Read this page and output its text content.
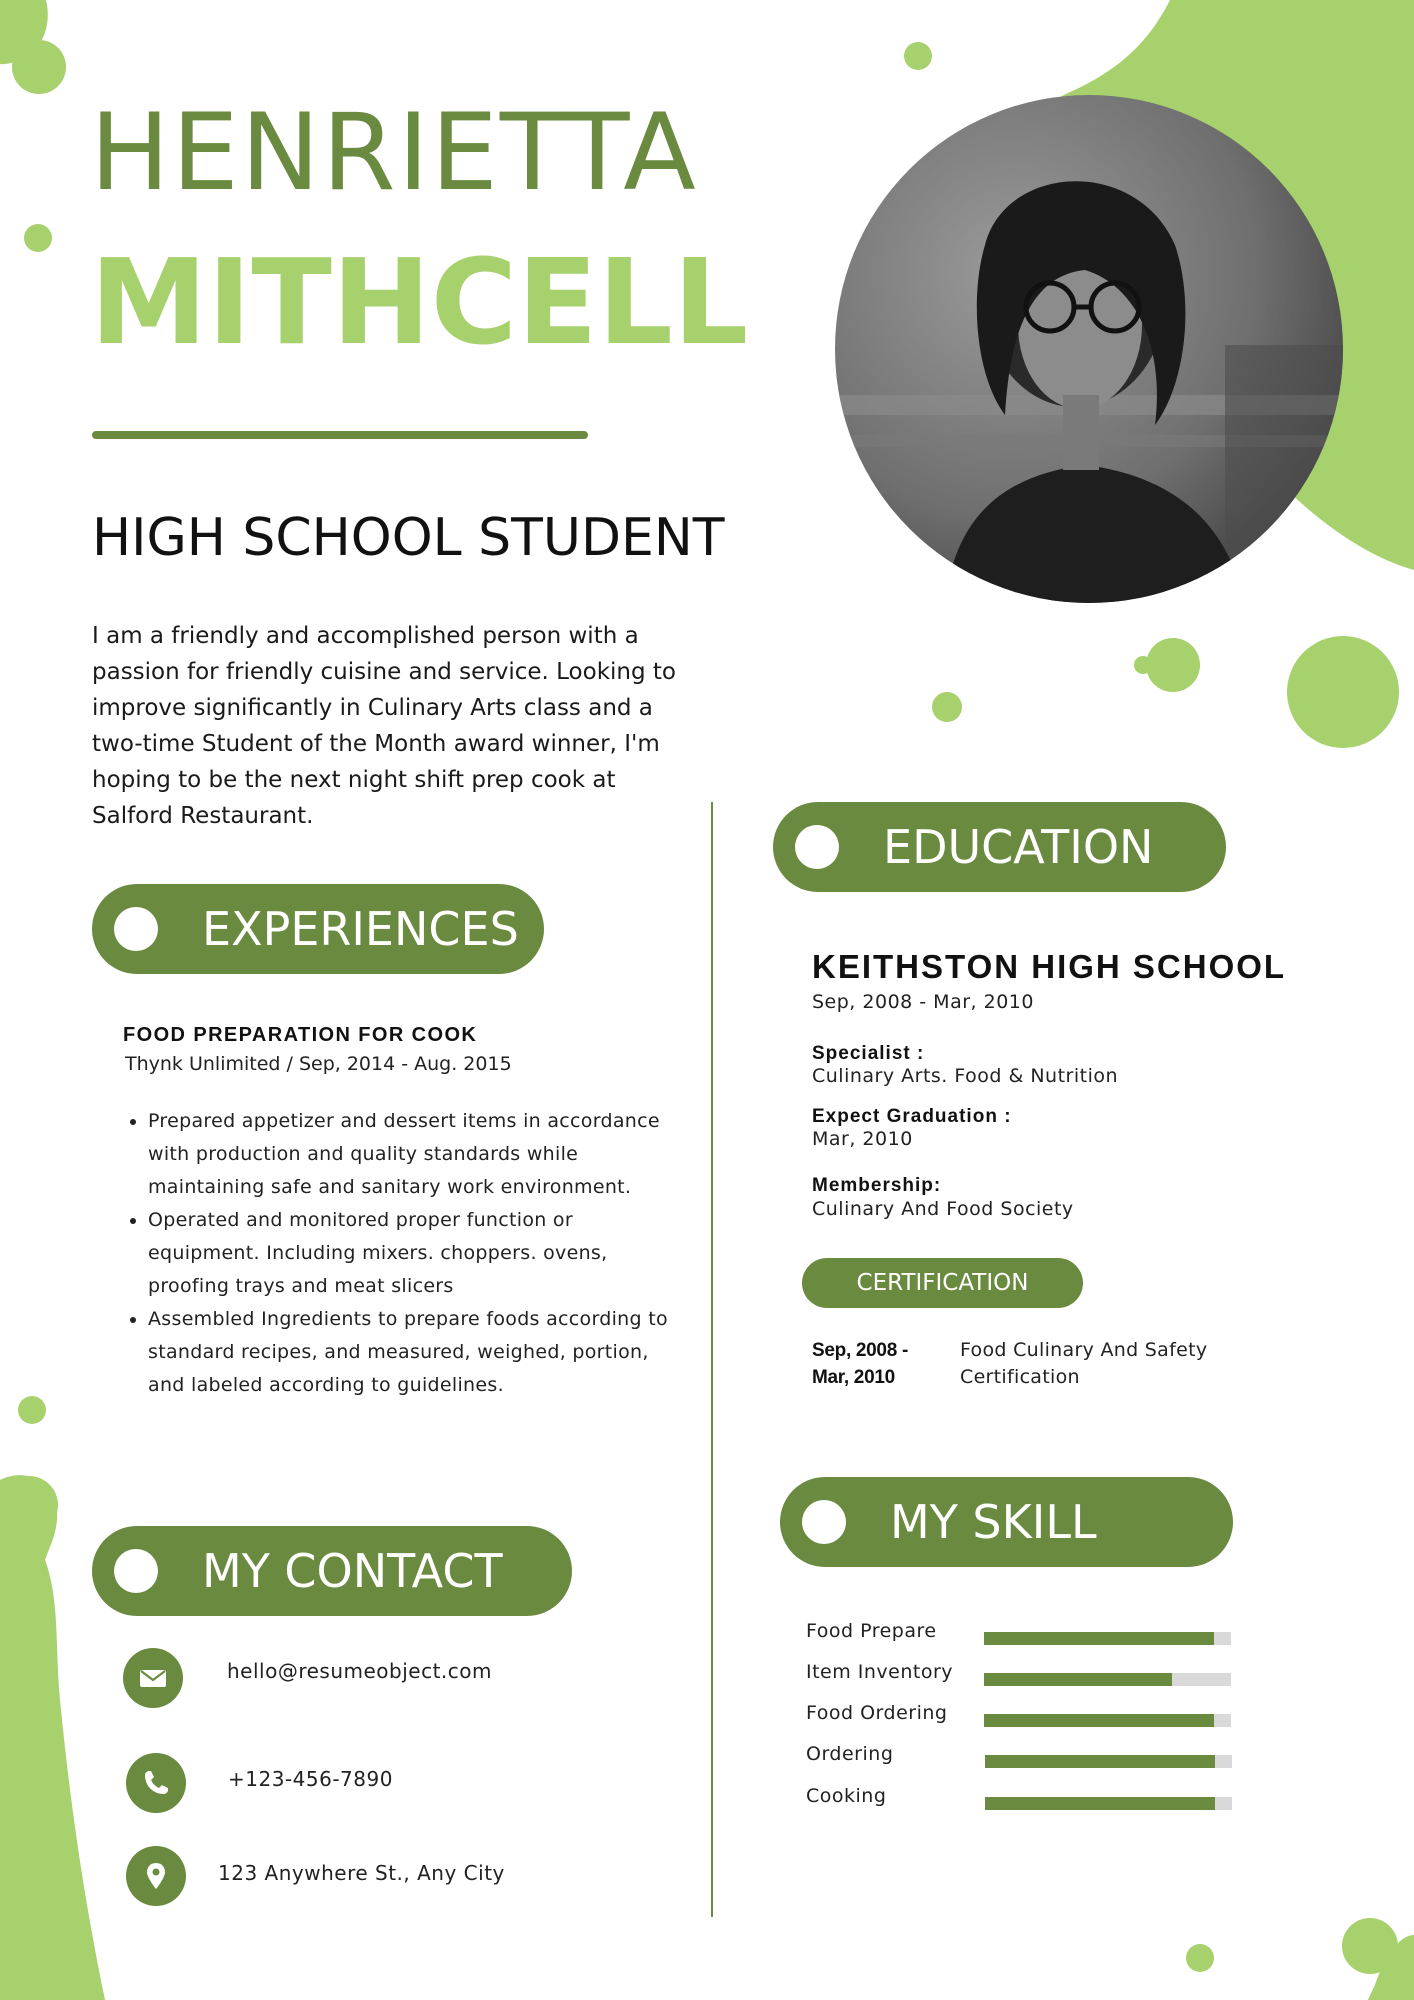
HENRIETTA
MITHCELL
HIGH SCHOOL STUDENT

I am a friendly and accomplished person with a passion for friendly cuisine and service. Looking to improve significantly in Culinary Arts class and a two-time Student of the Month award winner, I'm hoping to be the next night shift prep cook at Salford Restaurant.

EXPERIENCES
FOOD PREPARATION FOR COOK
Thynk Unlimited / Sep, 2014 - Aug. 2015
• Prepared appetizer and dessert items in accordance with production and quality standards while maintaining safe and sanitary work environment.
• Operated and monitored proper function or equipment. Including mixers. choppers. ovens, proofing trays and meat slicers
• Assembled Ingredients to prepare foods according to standard recipes, and measured, weighed, portion, and labeled according to guidelines.
MY CONTACT
hello@resumeobject.com
+123-456-7890
123 Anywhere St., Any City
EDUCATION
KEITHSTON HIGH SCHOOL
Sep, 2008 - Mar, 2010
Specialist :
Culinary Arts. Food & Nutrition
Expect Graduation :
Mar, 2010
Membership:
Culinary And Food Society
CERTIFICATION
Sep, 2008 -
Mar, 2010
Food Culinary And Safety Certification
MY SKILL
Food Prepare
Item Inventory
Food Ordering
Ordering
Cooking
